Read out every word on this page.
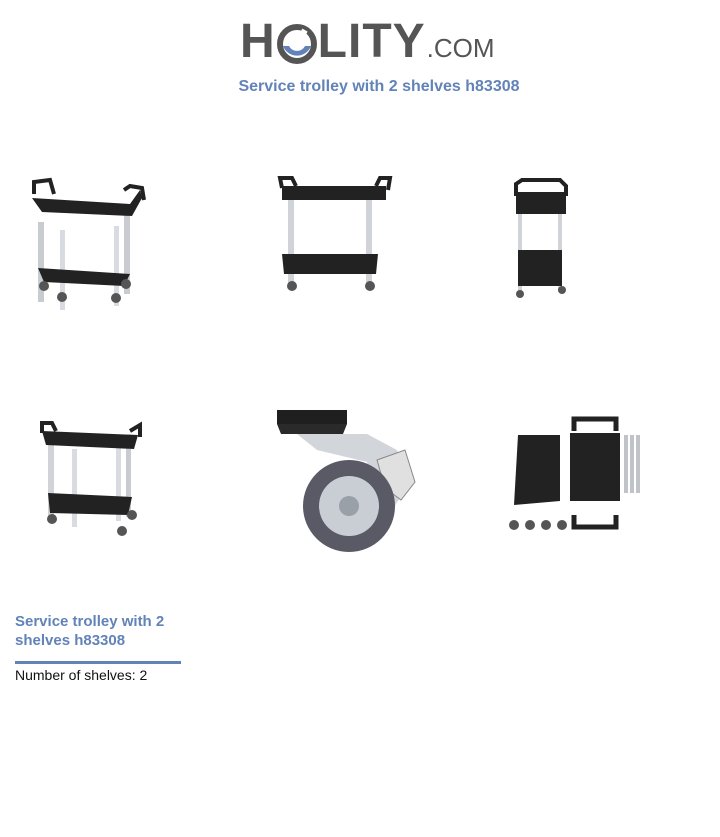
H LITY .COM
Service trolley with 2 shelves h83308
Service trolley with 2 shelves h83308
Number of shelves: 2
